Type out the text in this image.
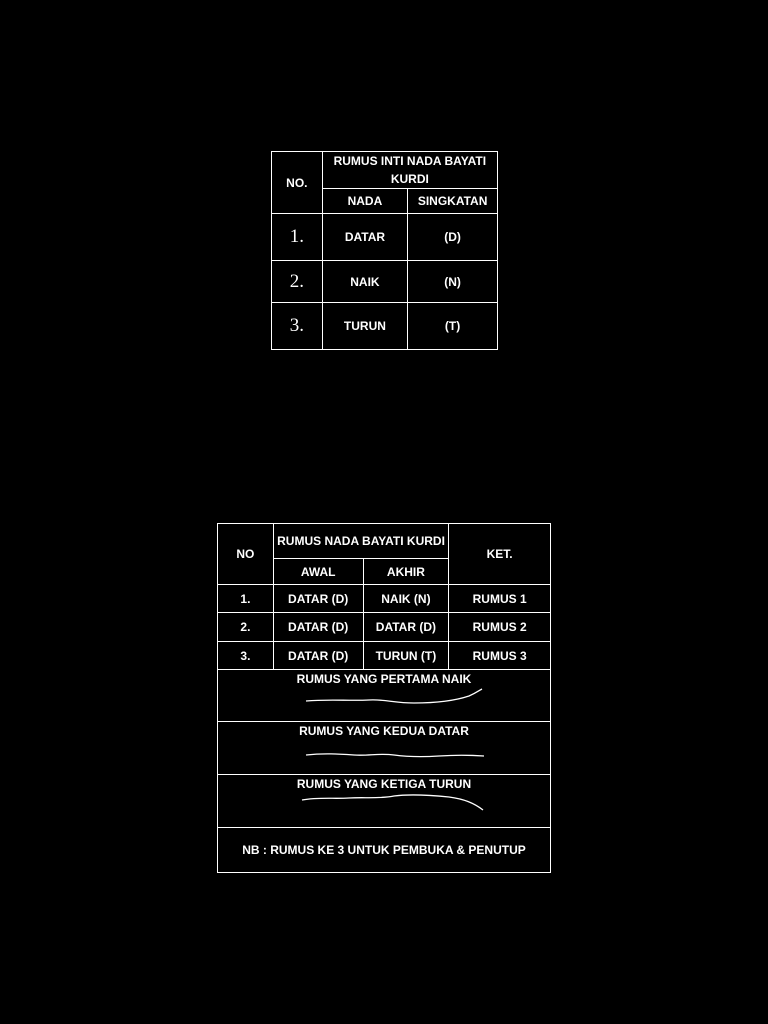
NO.	RUMUS INTI NADA BAYATI KURDI	
	NADA	SINGKATAN
1.	DATAR	(D)
2.	NAIK	(N)
3.	TURUN	(T)
NO	RUMUS NADA BAYATI KURDI		KET.
	AWAL	AKHIR	
1.	DATAR (D)	NAIK (N)	RUMUS 1
2.	DATAR (D)	DATAR (D)	RUMUS 2
3.	DATAR (D)	TURUN (T)	RUMUS 3

RUMUS YANG PERTAMA NAIK			

RUMUS YANG KEDUA DATAR			

RUMUS YANG KETIGA TURUN			

NB : RUMUS KE 3 UNTUK PEMBUKA & PENUTUP			
